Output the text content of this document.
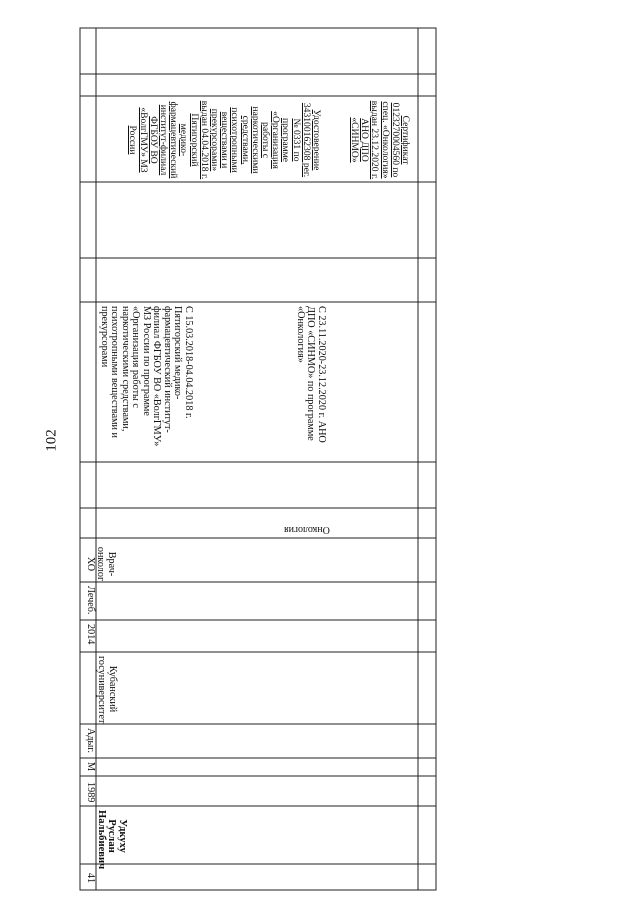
102
41
Удкуху Руслан Нальбиевич
1989
М
Адыг.
Кубанский госуниверситет
2014
Лечеб.
Врач-онколог ХО
Онкология
С 15.03.2018-04.04.2018 г. Пятигорский медико-фармацевтический институт-филиал ФГБОУ ВО «ВолгГМУ» МЗ России по программе «Организация работы с наркотическими средствами, психотропными веществами и прекурсорами	С 23.11.2020-23.12.2020 г. АНО ДПО «СИНМО» по программе «Онкология»
Удостоверение 343100162308 рег.№ 0331 по программе «Организация работы с наркотическими средствами, психотропными веществами и прекурсорами» выдан 04.04.2018 г. Пятигорский медико-фармацевтический институт-филиал ФГБОУ ВО «ВолгГМУ» МЗ России	Сертификат 0123270004560 по спец. «Онкология» выдан 23.12.2020 г. АНО ДПО «СИНМО»
